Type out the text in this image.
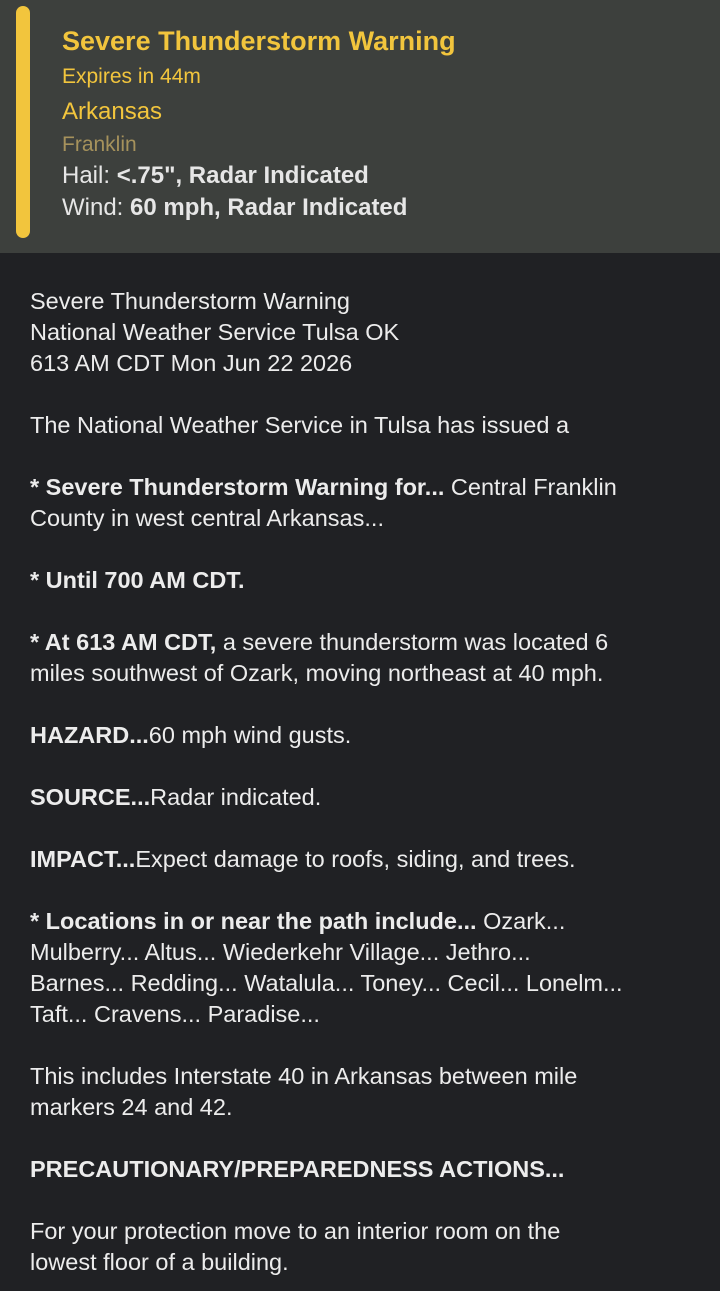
Severe Thunderstorm Warning
Expires in 44m
Arkansas
Franklin
Hail: <.75", Radar Indicated
Wind: 60 mph, Radar Indicated
Severe Thunderstorm Warning
National Weather Service Tulsa OK
613 AM CDT Mon Jun 22 2026
The National Weather Service in Tulsa has issued a
* Severe Thunderstorm Warning for... Central Franklin
County in west central Arkansas...
* Until 700 AM CDT.
* At 613 AM CDT, a severe thunderstorm was located 6
miles southwest of Ozark, moving northeast at 40 mph.
HAZARD...60 mph wind gusts.
SOURCE...Radar indicated.
IMPACT...Expect damage to roofs, siding, and trees.
* Locations in or near the path include... Ozark...
Mulberry... Altus... Wiederkehr Village... Jethro...
Barnes... Redding... Watalula... Toney... Cecil... Lonelm...
Taft... Cravens... Paradise...
This includes Interstate 40 in Arkansas between mile
markers 24 and 42.
PRECAUTIONARY/PREPAREDNESS ACTIONS...
For your protection move to an interior room on the
lowest floor of a building.
